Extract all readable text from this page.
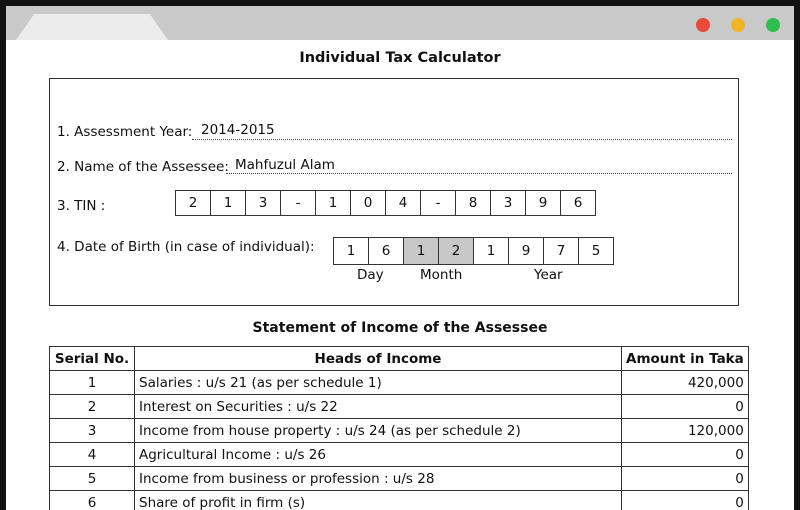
Individual Tax Calculator
1. Assessment Year: 2014-2015
2. Name of the Assessee: Mahfuzul Alam
3. TIN :	2	1	3	-	1	0	4	-	8	3	9	6
4. Date of Birth (in case of individual):	1	6	1	2	1	9	7	5
Day	Month	Year
Statement of Income of the Assessee
Serial No.	Heads of Income	Amount in Taka
1	Salaries : u/s 21 (as per schedule 1)	420,000
2	Interest on Securities : u/s 22	0
3	Income from house property : u/s 24 (as per schedule 2)	120,000
4	Agricultural Income : u/s 26	0
5	Income from business or profession : u/s 28	0
6	Share of profit in firm (s)	0
